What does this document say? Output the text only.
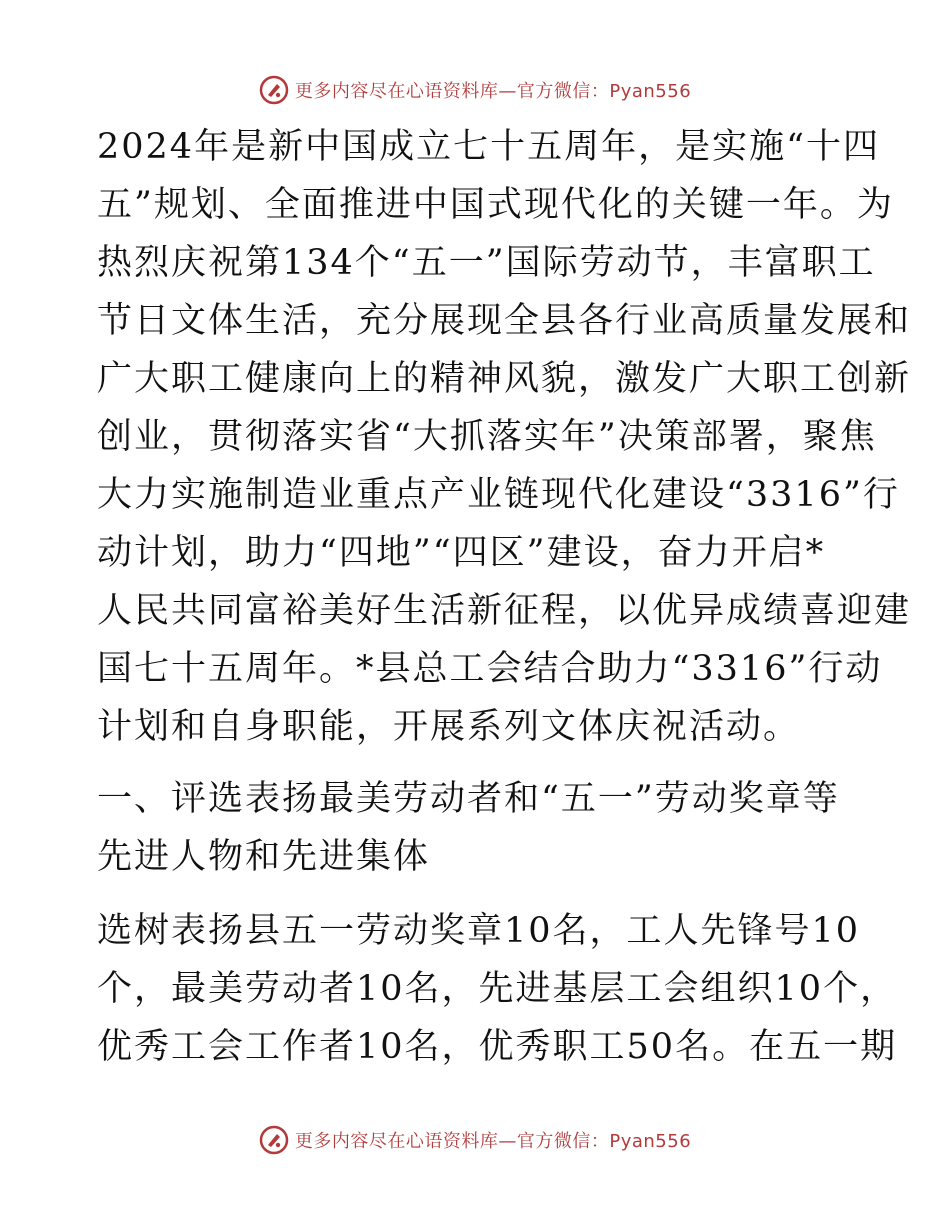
更多内容尽在心语资料库—官方微信：Pyan556

2024年是新中国成立七十五周年，是实施“十四
五”规划、全面推进中国式现代化的关键一年。为
热烈庆祝第134个“五一”国际劳动节，丰富职工
节日文体生活，充分展现全县各行业高质量发展和
广大职工健康向上的精神风貌，激发广大职工创新
创业，贯彻落实省“大抓落实年”决策部署，聚焦
大力实施制造业重点产业链现代化建设“3316”行
动计划，助力“四地”“四区”建设，奋力开启*
人民共同富裕美好生活新征程，以优异成绩喜迎建
国七十五周年。*县总工会结合助力“3316”行动
计划和自身职能，开展系列文体庆祝活动。

一、评选表扬最美劳动者和“五一”劳动奖章等
先进人物和先进集体

选树表扬县五一劳动奖章10名，工人先锋号10
个，最美劳动者10名，先进基层工会组织10个，
优秀工会工作者10名，优秀职工50名。在五一期

更多内容尽在心语资料库—官方微信：Pyan556
